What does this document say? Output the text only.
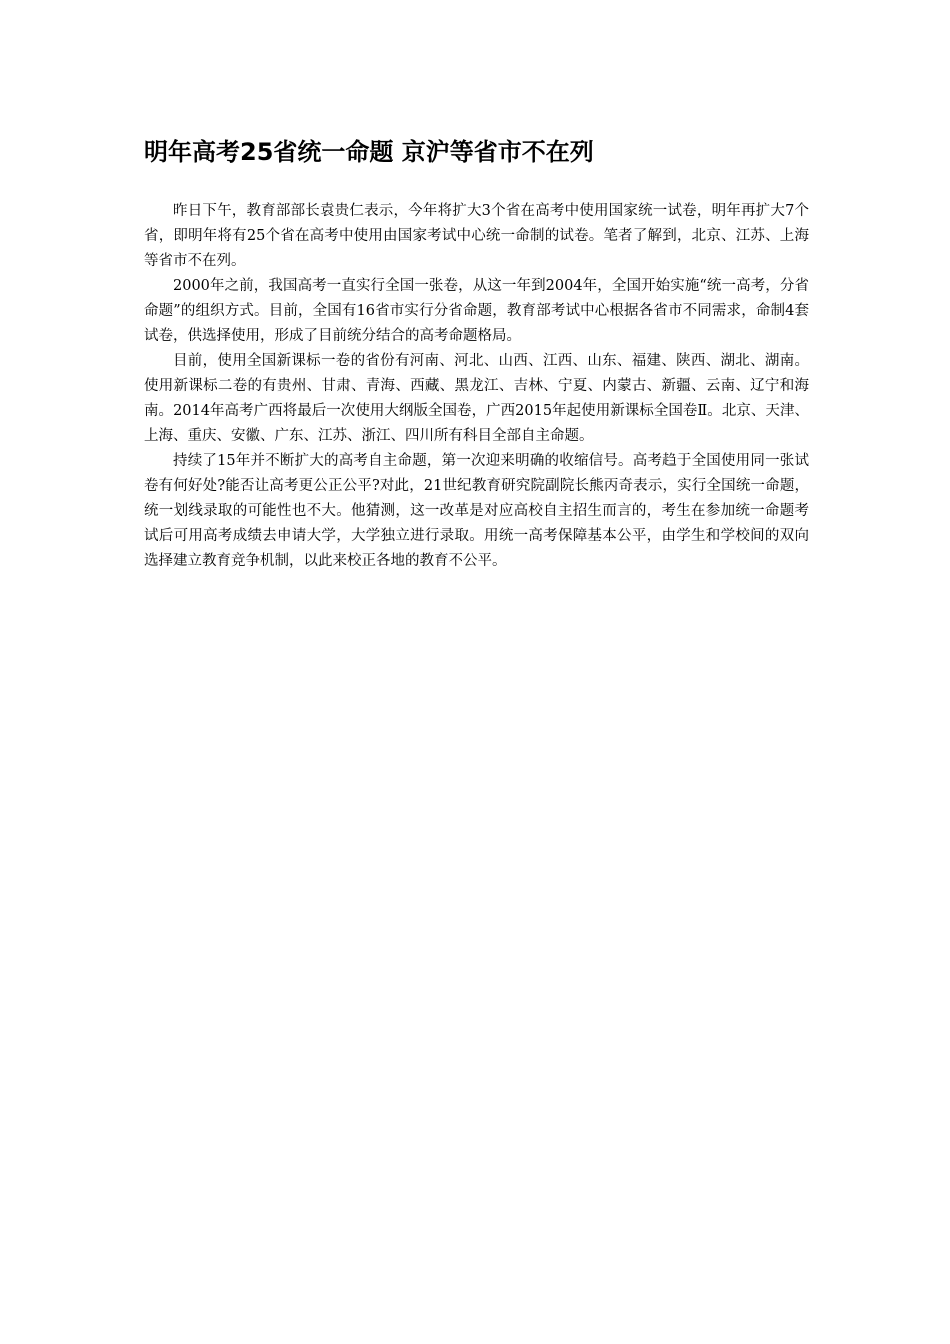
明年高考25省统一命题 京沪等省市不在列

昨日下午，教育部部长袁贵仁表示，今年将扩大3个省在高考中使用国家统一试卷，明年再扩大7个省，即明年将有25个省在高考中使用由国家考试中心统一命制的试卷。笔者了解到，北京、江苏、上海等省市不在列。

2000年之前，我国高考一直实行全国一张卷，从这一年到2004年，全国开始实施“统一高考，分省命题”的组织方式。目前，全国有16省市实行分省命题，教育部考试中心根据各省市不同需求，命制4套试卷，供选择使用，形成了目前统分结合的高考命题格局。

目前，使用全国新课标一卷的省份有河南、河北、山西、江西、山东、福建、陕西、湖北、湖南。使用新课标二卷的有贵州、甘肃、青海、西藏、黑龙江、吉林、宁夏、内蒙古、新疆、云南、辽宁和海南。2014年高考广西将最后一次使用大纲版全国卷，广西2015年起使用新课标全国卷Ⅱ。北京、天津、上海、重庆、安徽、广东、江苏、浙江、四川所有科目全部自主命题。

持续了15年并不断扩大的高考自主命题，第一次迎来明确的收缩信号。高考趋于全国使用同一张试卷有何好处?能否让高考更公正公平?对此，21世纪教育研究院副院长熊丙奇表示，实行全国统一命题，统一划线录取的可能性也不大。他猜测，这一改革是对应高校自主招生而言的，考生在参加统一命题考试后可用高考成绩去申请大学，大学独立进行录取。用统一高考保障基本公平，由学生和学校间的双向选择建立教育竞争机制，以此来校正各地的教育不公平。
